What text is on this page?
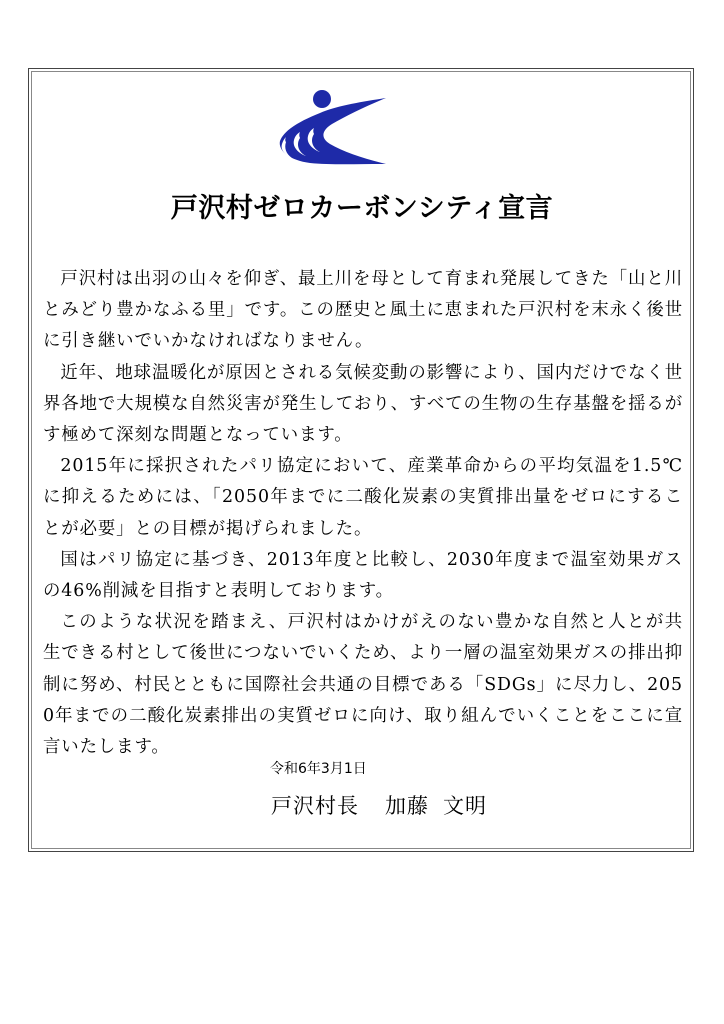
戸沢村ゼロカーボンシティ宣言

戸沢村は出羽の山々を仰ぎ、最上川を母として育まれ発展してきた「山と川とみどり豊かなふる里」です。この歴史と風土に恵まれた戸沢村を末永く後世に引き継いでいかなければなりません。

近年、地球温暖化が原因とされる気候変動の影響により、国内だけでなく世界各地で大規模な自然災害が発生しており、すべての生物の生存基盤を揺るがす極めて深刻な問題となっています。

2015年に採択されたパリ協定において、産業革命からの平均気温を1.5℃に抑えるためには、「2050年までに二酸化炭素の実質排出量をゼロにすることが必要」との目標が掲げられました。

国はパリ協定に基づき、2013年度と比較し、2030年度まで温室効果ガスの46%削減を目指すと表明しております。

このような状況を踏まえ、戸沢村はかけがえのない豊かな自然と人とが共生できる村として後世につないでいくため、より一層の温室効果ガスの排出抑制に努め、村民とともに国際社会共通の目標である「SDGs」に尽力し、2050年までの二酸化炭素排出の実質ゼロに向け、取り組んでいくことをここに宣言いたします。

令和6年3月1日
戸沢村長 加藤 文明
